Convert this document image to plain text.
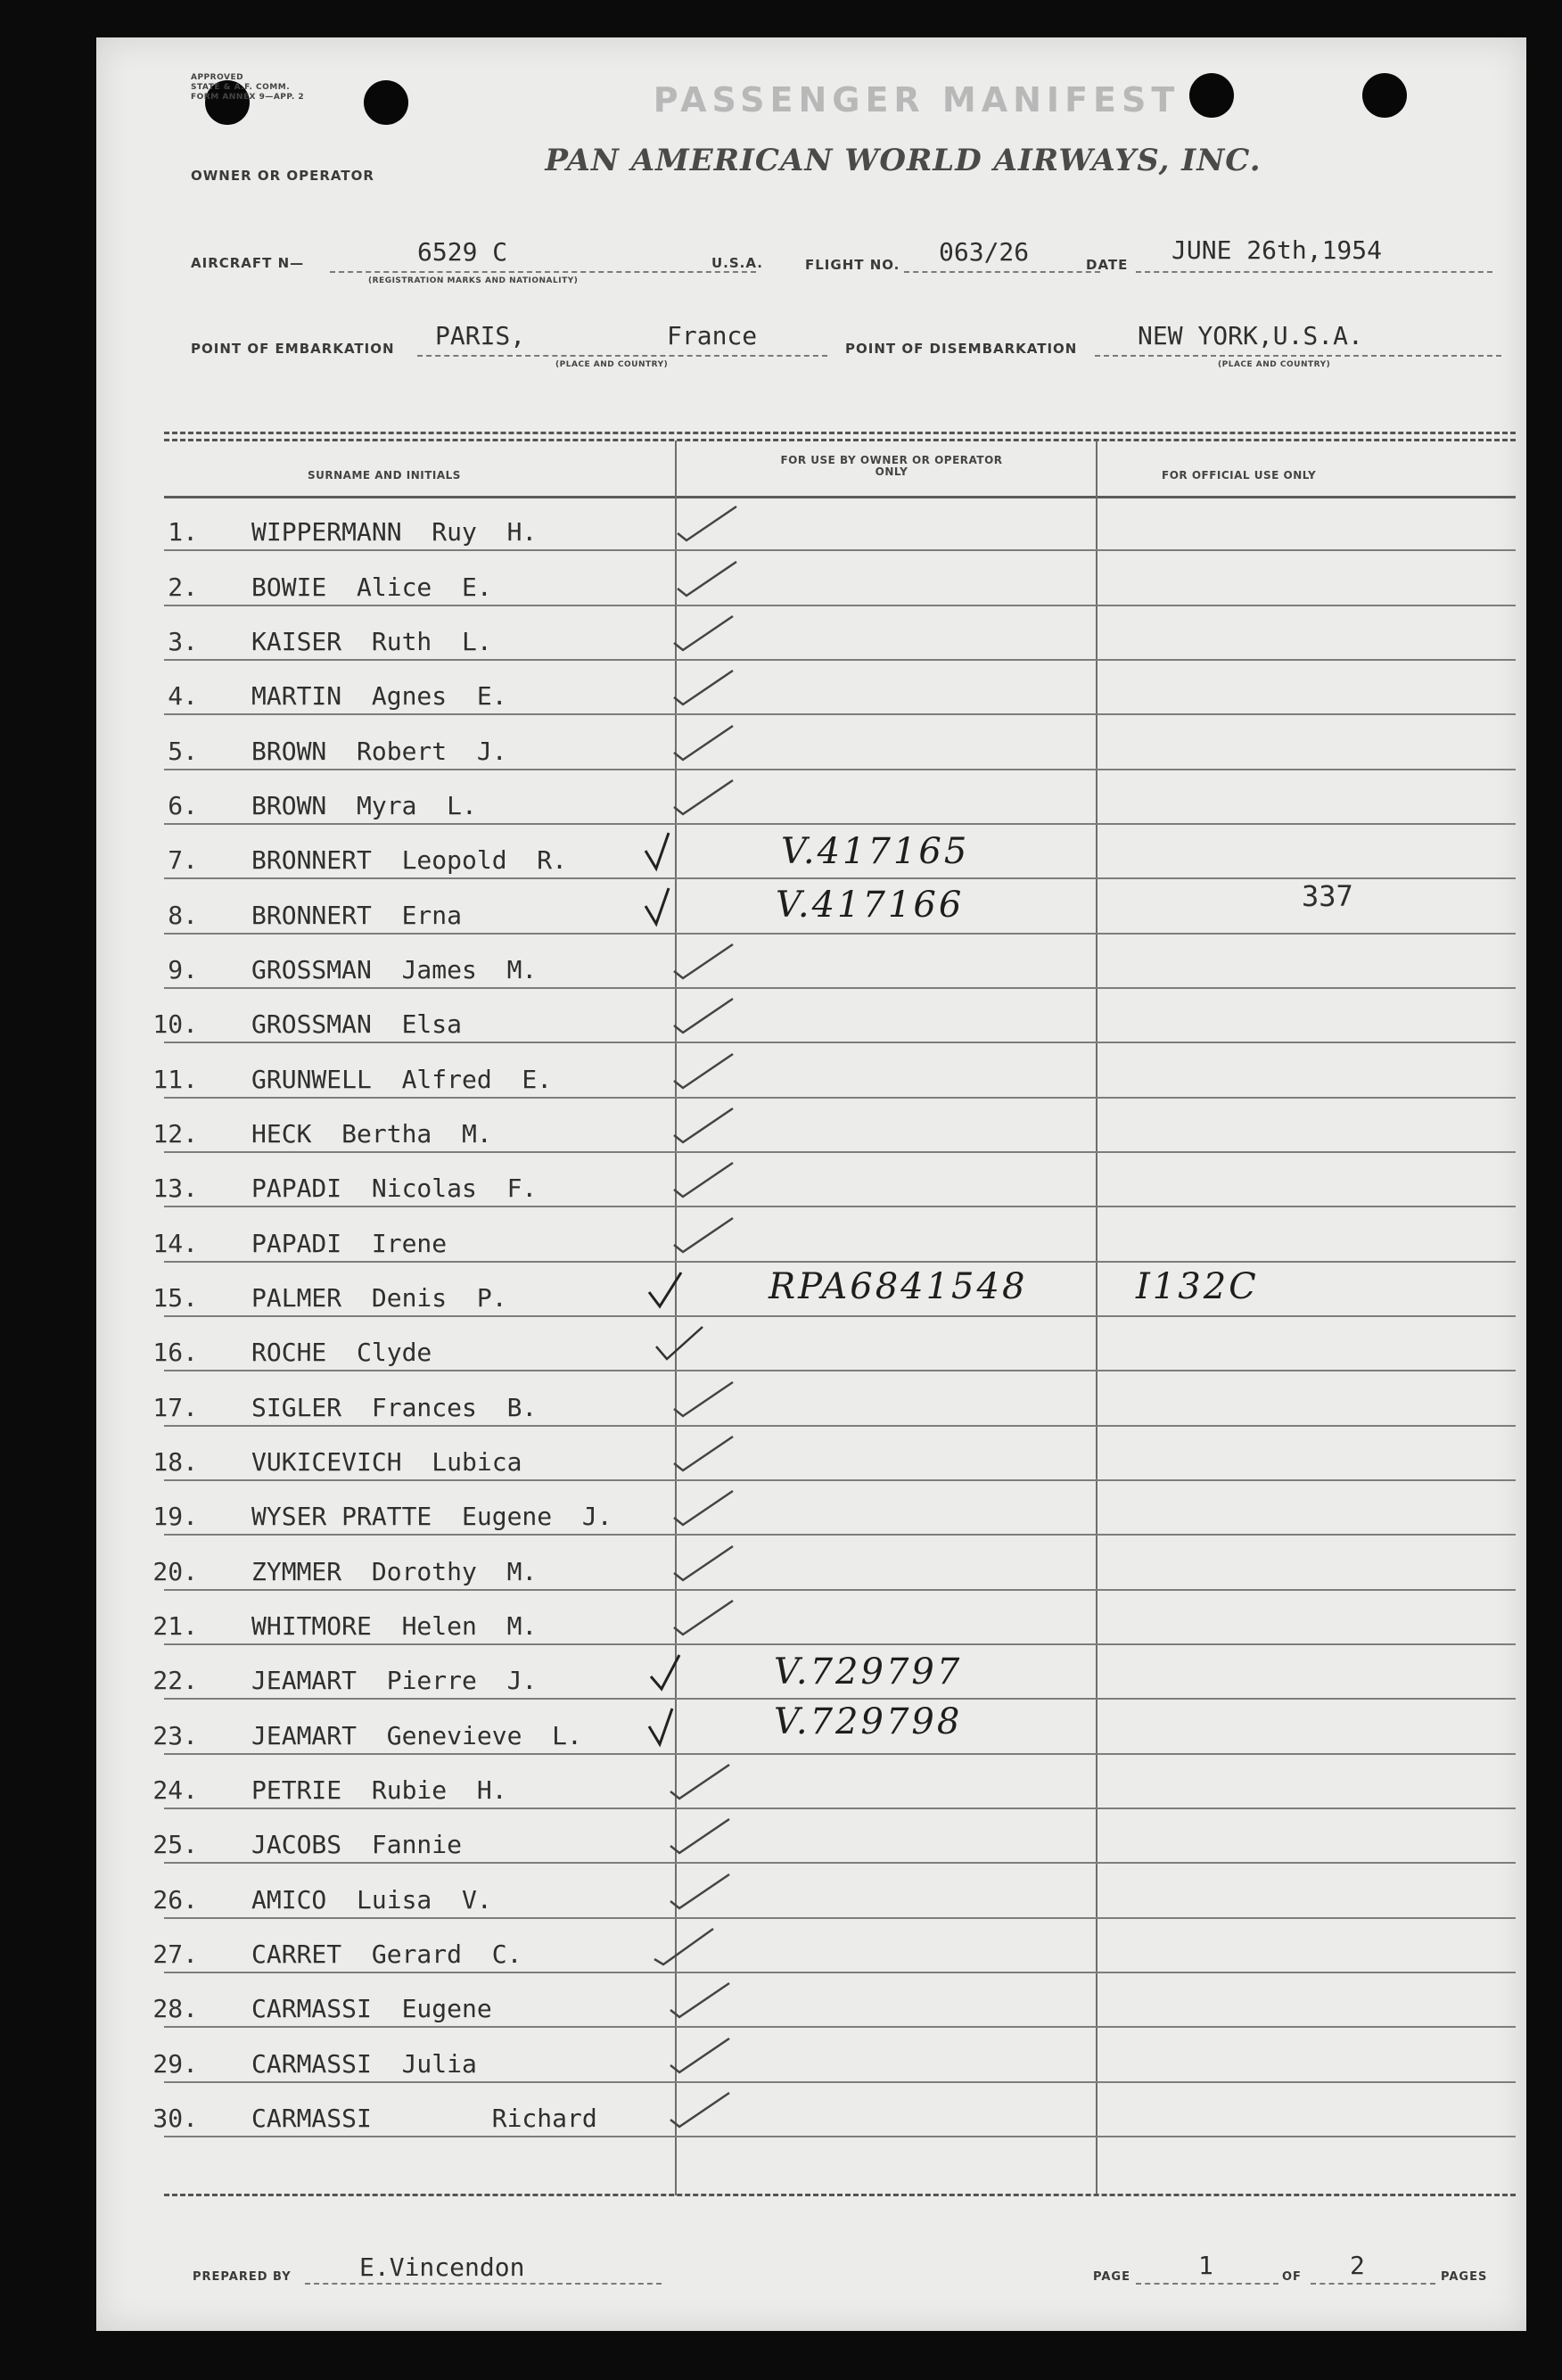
APPROVED
STATE & A.F. COMM.
FORM ANNEX 9—APP. 2
OWNER OR OPERATOR
PASSENGER MANIFEST
PAN AMERICAN WORLD AIRWAYS, INC.
AIRCRAFT N—	6529 C
(REGISTRATION MARKS AND NATIONALITY)
U.S.A.	FLIGHT NO. 063/26	DATE JUNE 26th,1954
POINT OF EMBARKATION PARIS,	France
(PLACE AND COUNTRY)
POINT OF DISEMBARKATION NEW YORK,U.S.A.
(PLACE AND COUNTRY)
SURNAME AND INITIALS
FOR USE BY OWNER OR OPERATOR ONLY	FOR OFFICIAL USE ONLY
1. WIPPERMANN  Ruy  H.
2. BOWIE  Alice  E.
3. KAISER  Ruth  L.
4. MARTIN  Agnes  E.
5. BROWN  Robert  J.
6. BROWN  Myra  L.
7. BRONNERT  Leopold  R.	V.417165
8. BRONNERT  Erna	V.417166	337
9. GROSSMAN  James  M.
10. GROSSMAN  Elsa
11. GRUNWELL  Alfred  E.
12. HECK  Bertha  M.
13. PAPADI  Nicolas  F.
14. PAPADI  Irene
15. PALMER  Denis  P.	RPA6841548	I132C
16. ROCHE  Clyde
17. SIGLER  Frances  B.
18. VUKICEVICH  Lubica
19. WYSER PRATTE  Eugene  J.
20. ZYMMER  Dorothy  M.
21. WHITMORE  Helen  M.
22. JEAMART  Pierre  J.	V.729797
23. JEAMART  Genevieve  L.	V.729798
24. PETRIE  Rubie  H.
25. JACOBS  Fannie
26. AMICO  Luisa  V.
27. CARRET  Gerard  C.
28. CARMASSI  Eugene
29. CARMASSI  Julia
30. CARMASSI        Richard
PREPARED BY	E.Vincendon	PAGE	1	OF 2	PAGES
